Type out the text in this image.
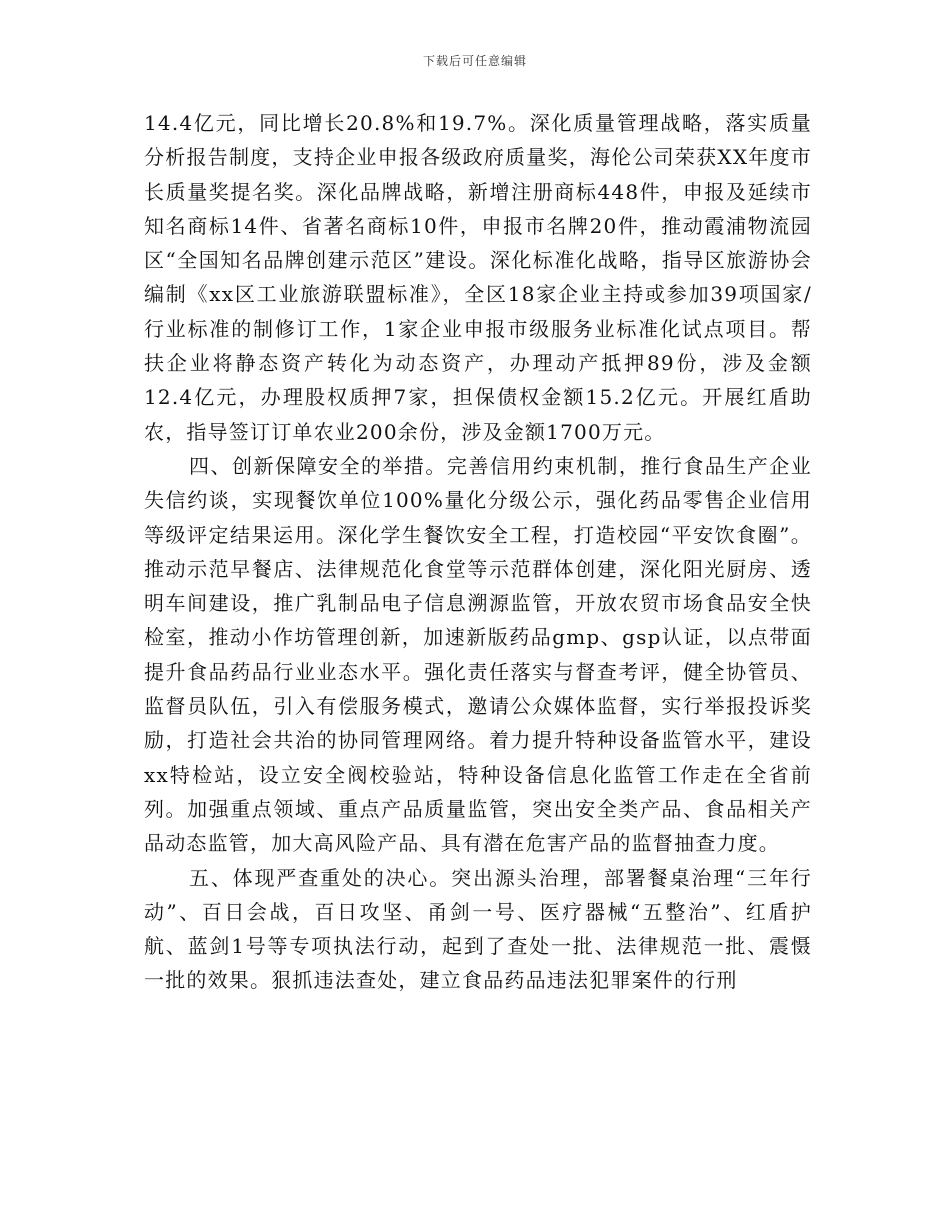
下载后可任意编辑

14.4亿元，同比增长20.8%和19.7%。深化质量管理战略，落实质量分析报告制度，支持企业申报各级政府质量奖，海伦公司荣获XX年度市长质量奖提名奖。深化品牌战略，新增注册商标448件，申报及延续市知名商标14件、省著名商标10件，申报市名牌20件，推动霞浦物流园区“全国知名品牌创建示范区”建设。深化标准化战略，指导区旅游协会编制《xx区工业旅游联盟标准》，全区18家企业主持或参加39项国家/行业标准的制修订工作，1家企业申报市级服务业标准化试点项目。帮扶企业将静态资产转化为动态资产，办理动产抵押89份，涉及金额12.4亿元，办理股权质押7家，担保债权金额15.2亿元。开展红盾助农，指导签订订单农业200余份，涉及金额1700万元。

四、创新保障安全的举措。完善信用约束机制，推行食品生产企业失信约谈，实现餐饮单位100%量化分级公示，强化药品零售企业信用等级评定结果运用。深化学生餐饮安全工程，打造校园“平安饮食圈”。推动示范早餐店、法律规范化食堂等示范群体创建，深化阳光厨房、透明车间建设，推广乳制品电子信息溯源监管，开放农贸市场食品安全快检室，推动小作坊管理创新，加速新版药品gmp、gsp认证，以点带面提升食品药品行业业态水平。强化责任落实与督查考评，健全协管员、监督员队伍，引入有偿服务模式，邀请公众媒体监督，实行举报投诉奖励，打造社会共治的协同管理网络。着力提升特种设备监管水平，建设xx特检站，设立安全阀校验站，特种设备信息化监管工作走在全省前列。加强重点领域、重点产品质量监管，突出安全类产品、食品相关产品动态监管，加大高风险产品、具有潜在危害产品的监督抽查力度。

五、体现严查重处的决心。突出源头治理，部署餐桌治理“三年行动”、百日会战，百日攻坚、甬剑一号、医疗器械“五整治”、红盾护航、蓝剑1号等专项执法行动，起到了查处一批、法律规范一批、震慑一批的效果。狠抓违法查处，建立食品药品违法犯罪案件的行刑
